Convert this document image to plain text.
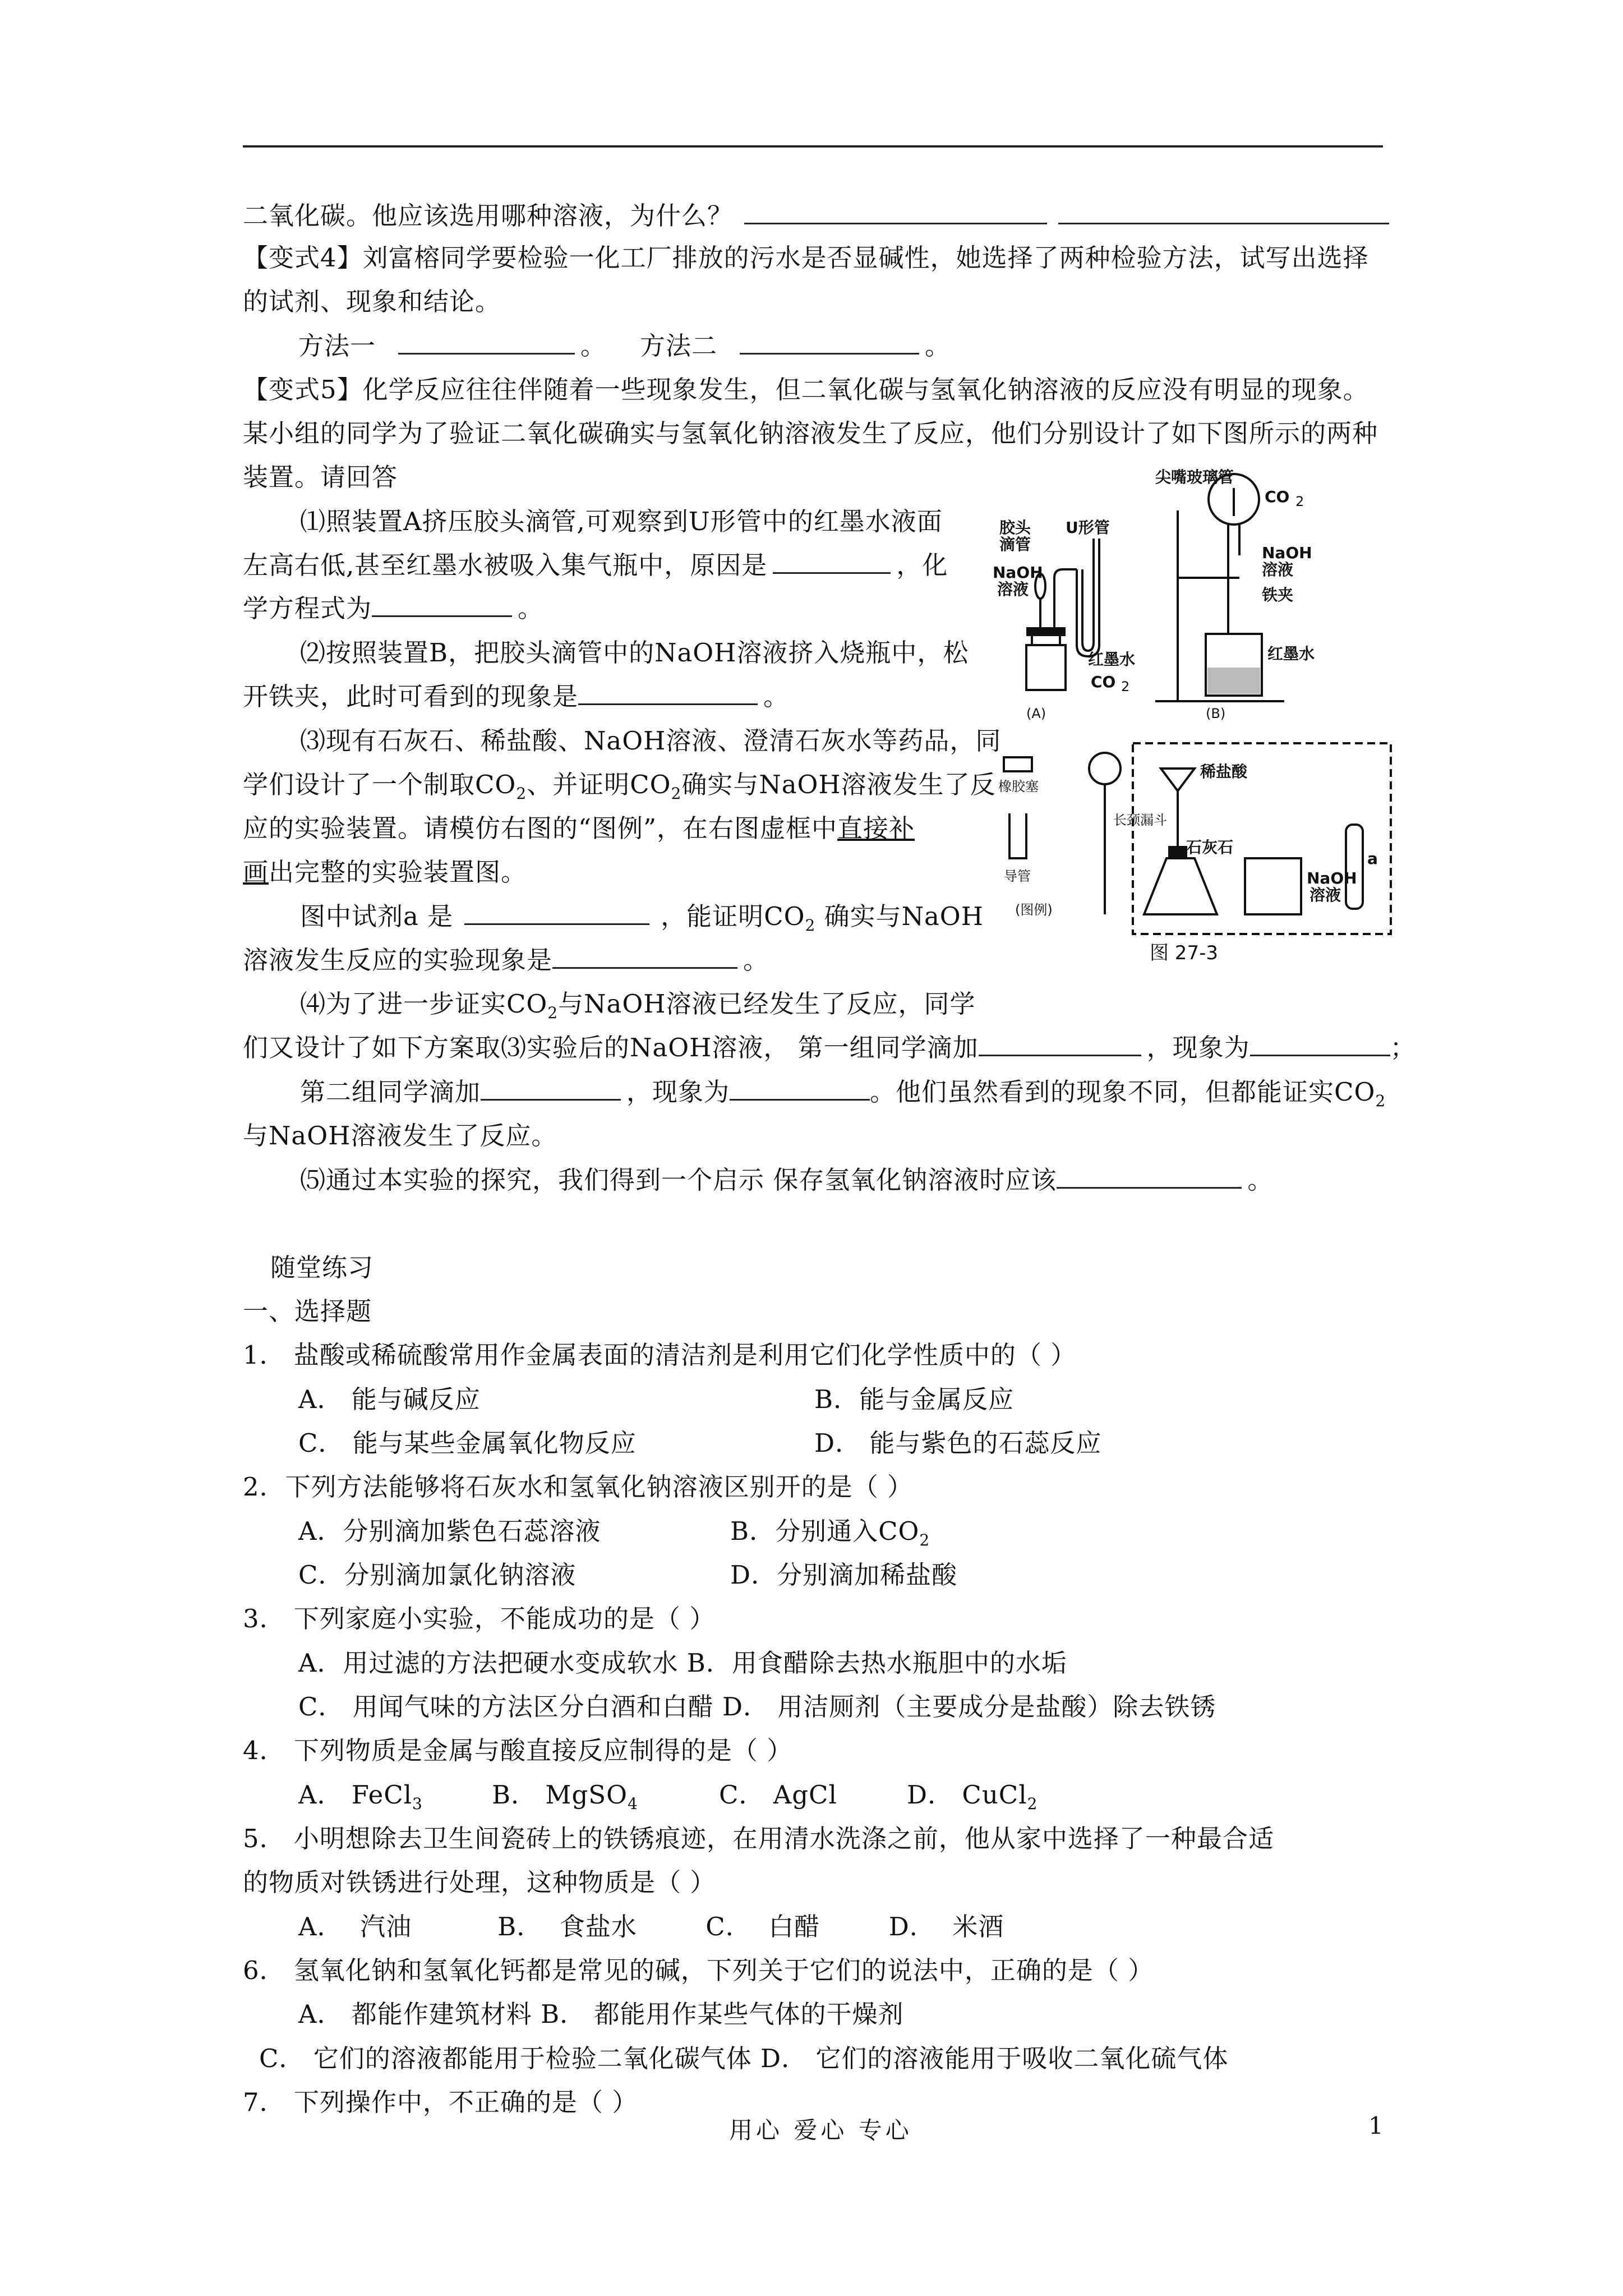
二氧化碳。他应该选用哪种溶液，为什么？
【变式4】刘富榕同学要检验一化工厂排放的污水是否显碱性，她选择了两种检验方法，试写出选择
的试剂、现象和结论。
方法一	。 方法二	。
【变式5】化学反应往往伴随着一些现象发生，但二氧化碳与氢氧化钠溶液的反应没有明显的现象。
某小组的同学为了验证二氧化碳确实与氢氧化钠溶液发生了反应，他们分别设计了如下图所示的两种
装置。请回答
⑴照装置A挤压胶头滴管,可观察到U形管中的红墨水液面
左高右低,甚至红墨水被吸入集气瓶中，原因是	，化
学方程式为	。
⑵按照装置B，把胶头滴管中的NaOH溶液挤入烧瓶中，松
开铁夹，此时可看到的现象是	。
⑶现有石灰石、稀盐酸、NaOH溶液、澄清石灰水等药品，同
学们设计了一个制取$CO_2$、并证明$CO_2$确实与NaOH溶液发生了反
应的实验装置。请模仿右图的“图例”，在右图虚框中直接补
画出完整的实验装置图。
图中试剂a 是	，能证明$CO_2$ 确实与NaOH
溶液发生反应的实验现象是	。
⑷为了进一步证实$CO_2$与NaOH溶液已经发生了反应，同学
们又设计了如下方案取⑶实验后的NaOH溶液， 第一组同学滴加	，现象为	；
第二组同学滴加	，现象为	。他们虽然看到的现象不同，但都能证实$CO_2$
与NaOH溶液发生了反应。
⑸通过本实验的探究，我们得到一个启示 保存氢氧化钠溶液时应该	。
随堂练习
一、选择题
1． 盐酸或稀硫酸常用作金属表面的清洁剂是利用它们化学性质中的（ ）
A． 能与碱反应	B．能与金属反应
C． 能与某些金属氧化物反应	D． 能与紫色的石蕊反应
2．下列方法能够将石灰水和氢氧化钠溶液区别开的是（ ）
A．分别滴加紫色石蕊溶液	B．分别通入$CO_2$
C．分别滴加氯化钠溶液	D．分别滴加稀盐酸
3． 下列家庭小实验，不能成功的是（ ）
A．用过滤的方法把硬水变成软水 B．用食醋除去热水瓶胆中的水垢
C． 用闻气味的方法区分白酒和白醋 D． 用洁厕剂（主要成分是盐酸）除去铁锈
4． 下列物质是金属与酸直接反应制得的是（ ）
A． FeCl$_3$	B． MgSO$_4$	C． AgCl	D． CuCl$_2$
5． 小明想除去卫生间瓷砖上的铁锈痕迹，在用清水洗涤之前，他从家中选择了一种最合适
的物质对铁锈进行处理，这种物质是（ ）
A．  汽油          B．  食盐水        C．  白醋        D．  米酒
6． 氢氧化钠和氢氧化钙都是常见的碱，下列关于它们的说法中，正确的是（ ）
A． 都能作建筑材料 B． 都能用作某些气体的干燥剂
C． 它们的溶液都能用于检验二氧化碳气体 D． 它们的溶液能用于吸收二氧化硫气体
7． 下列操作中，不正确的是（ ）
用心 爱心 专心	1
胶头
滴管
NaOH
溶液
U形管
红墨水
CO 2
(A)
尖嘴玻璃管
CO 2
NaOH
溶液
铁夹
红墨水
(B)
橡胶塞
导管
长颈漏斗
(图例)
稀盐酸
石灰石
NaOH
溶液
a
图 27-3
